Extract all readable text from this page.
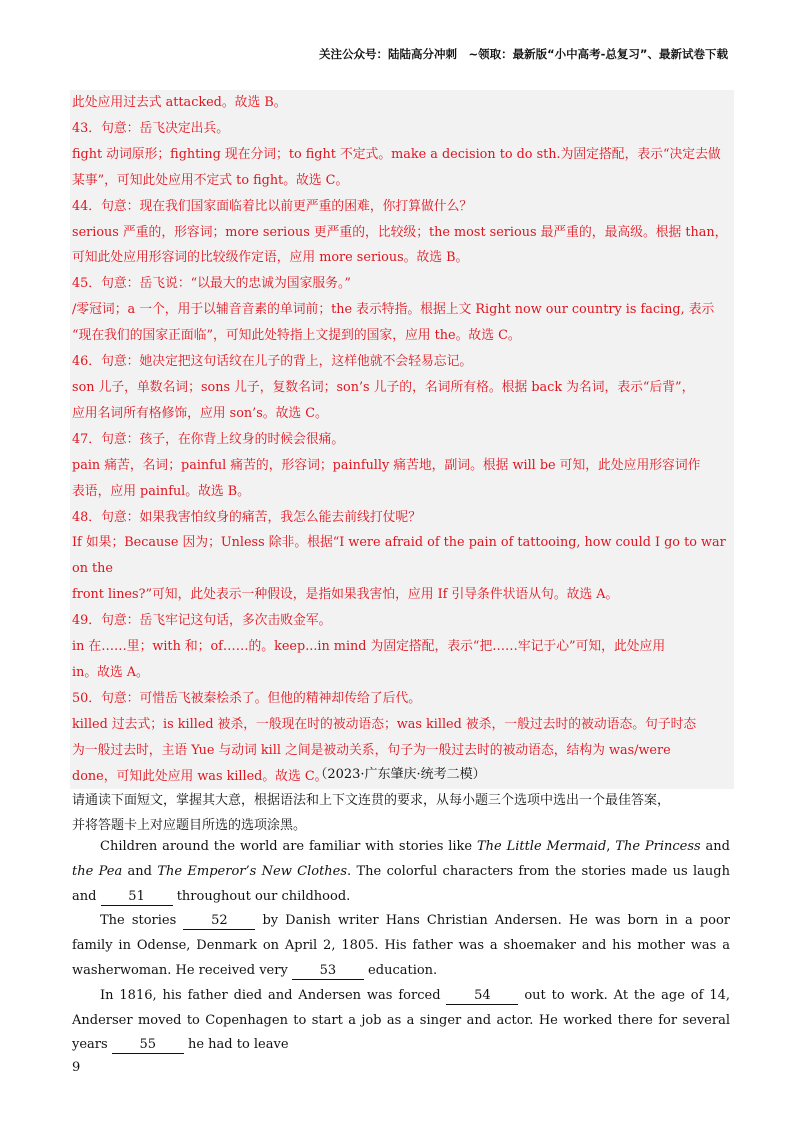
关注公众号：陆陆高分冲刺　~领取：最新版“小中高考-总复习”、最新试卷下载

此处应用过去式 attacked。故选 B。

43．句意：岳飞决定出兵。

fight 动词原形；fighting 现在分词；to fight 不定式。make a decision to do sth.为固定搭配，表示“决定去做

某事”，可知此处应用不定式 to fight。故选 C。

44．句意：现在我们国家面临着比以前更严重的困难，你打算做什么？

serious 严重的，形容词；more serious 更严重的，比较级；the most serious 最严重的，最高级。根据 than，

可知此处应用形容词的比较级作定语，应用 more serious。故选 B。

45．句意：岳飞说：“以最大的忠诚为国家服务。”

/零冠词；a 一个，用于以辅音音素的单词前；the 表示特指。根据上文 Right now our country is facing, 表示

“现在我们的国家正面临”，可知此处特指上文提到的国家，应用 the。故选 C。

46．句意：她决定把这句话纹在儿子的背上，这样他就不会轻易忘记。

son 儿子，单数名词；sons 儿子，复数名词；son’s 儿子的，名词所有格。根据 back 为名词，表示“后背”，

应用名词所有格修饰，应用 son’s。故选 C。

47．句意：孩子，在你背上纹身的时候会很痛。

pain 痛苦，名词；painful 痛苦的，形容词；painfully 痛苦地，副词。根据 will be 可知，此处应用形容词作

表语，应用 painful。故选 B。

48．句意：如果我害怕纹身的痛苦，我怎么能去前线打仗呢？

If 如果；Because 因为；Unless 除非。根据“I were afraid of the pain of tattooing, how could I go to war on the

front lines?”可知，此处表示一种假设，是指如果我害怕，应用 If 引导条件状语从句。故选 A。

49．句意：岳飞牢记这句话，多次击败金军。

in 在……里；with 和；of……的。keep...in mind 为固定搭配，表示“把……牢记于心”可知，此处应用

in。故选 A。

50．句意：可惜岳飞被秦桧杀了。但他的精神却传给了后代。

killed 过去式；is killed 被杀，一般现在时的被动语态；was killed 被杀，一般过去时的被动语态。句子时态

为一般过去时，主语 Yue 与动词 kill 之间是被动关系，句子为一般过去时的被动语态，结构为 was/were

done，可知此处应用 was killed。故选 C。

（2023·广东肇庆·统考二模）

请通读下面短文，掌握其大意，根据语法和上下文连贯的要求，从每小题三个选项中选出一个最佳答案，

并将答题卡上对应题目所选的选项涂黑。

Children around the world are familiar with stories like The Little Mermaid, The Princess and the Pea and The Emperor’s New Clothes. The colorful characters from the stories made us laugh and 51 throughout our childhood.

The stories 52 by Danish writer Hans Christian Andersen. He was born in a poor family in Odense, Denmark on April 2, 1805. His father was a shoemaker and his mother was a washerwoman. He received very 53 education.

In 1816, his father died and Andersen was forced 54 out to work. At the age of 14, Anderser moved to Copenhagen to start a job as a singer and actor. He worked there for several years 55 he had to leave

9
